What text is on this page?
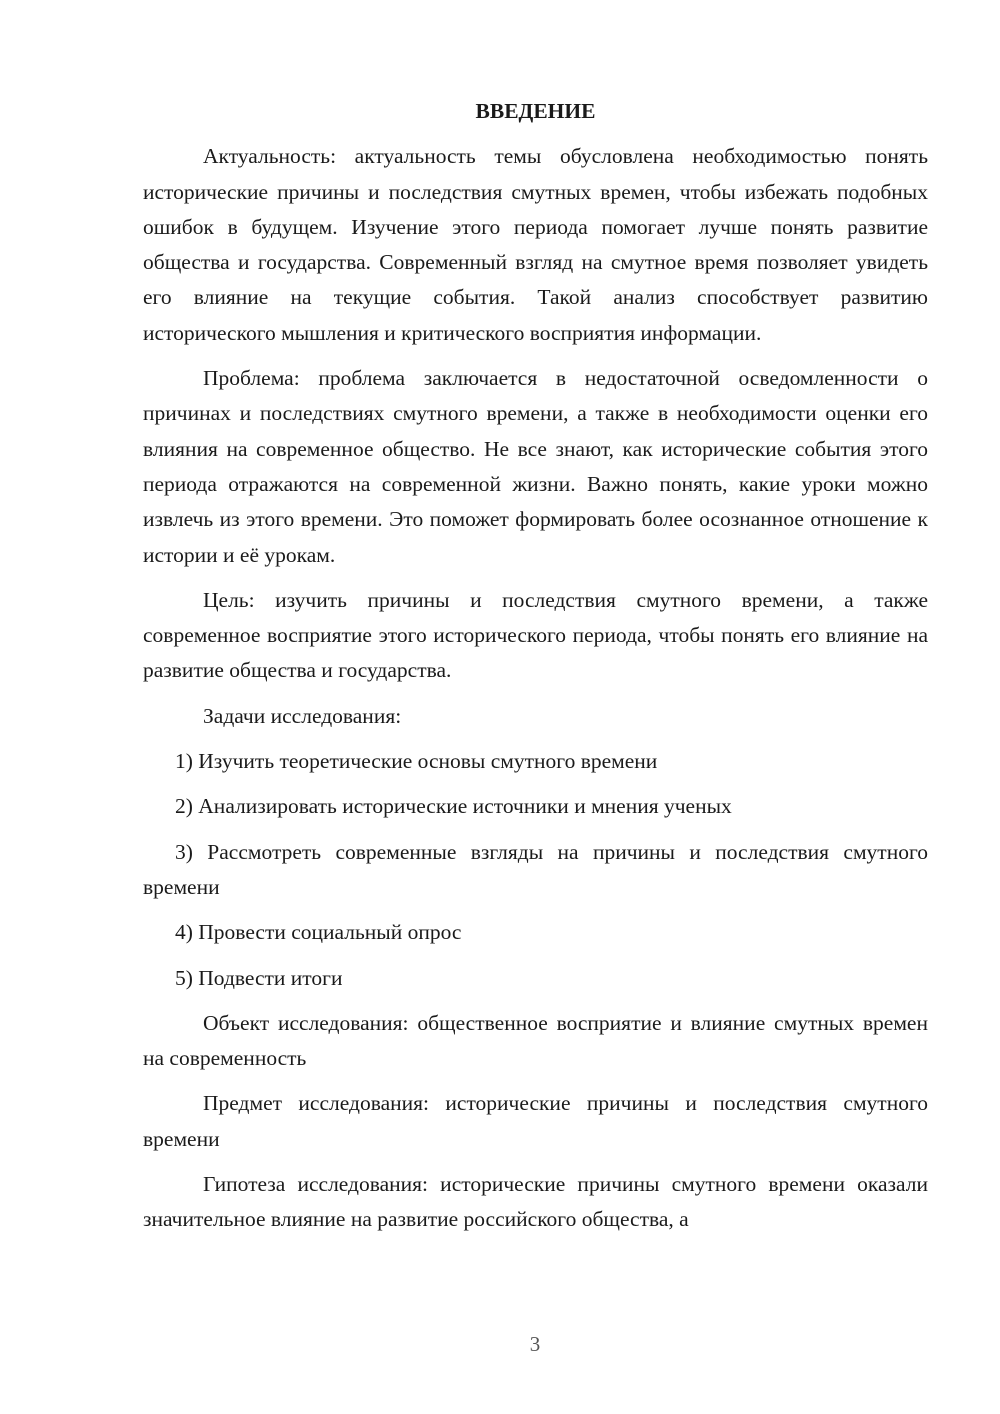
ВВЕДЕНИЕ

Актуальность: актуальность темы обусловлена необходимостью понять исторические причины и последствия смутных времен, чтобы избежать подобных ошибок в будущем. Изучение этого периода помогает лучше понять развитие общества и государства. Современный взгляд на смутное время позволяет увидеть его влияние на текущие события. Такой анализ способствует развитию исторического мышления и критического восприятия информации.

Проблема: проблема заключается в недостаточной осведомленности о причинах и последствиях смутного времени, а также в необходимости оценки его влияния на современное общество. Не все знают, как исторические события этого периода отражаются на современной жизни. Важно понять, какие уроки можно извлечь из этого времени. Это поможет формировать более осознанное отношение к истории и её урокам.

Цель: изучить причины и последствия смутного времени, а также современное восприятие этого исторического периода, чтобы понять его влияние на развитие общества и государства.

Задачи исследования:

1) Изучить теоретические основы смутного времени

2) Анализировать исторические источники и мнения ученых

3) Рассмотреть современные взгляды на причины и последствия смутного времени

4) Провести социальный опрос

5) Подвести итоги

Объект исследования: общественное восприятие и влияние смутных времен на современность

Предмет исследования: исторические причины и последствия смутного времени

Гипотеза исследования: исторические причины смутного времени оказали значительное влияние на развитие российского общества, а

3
